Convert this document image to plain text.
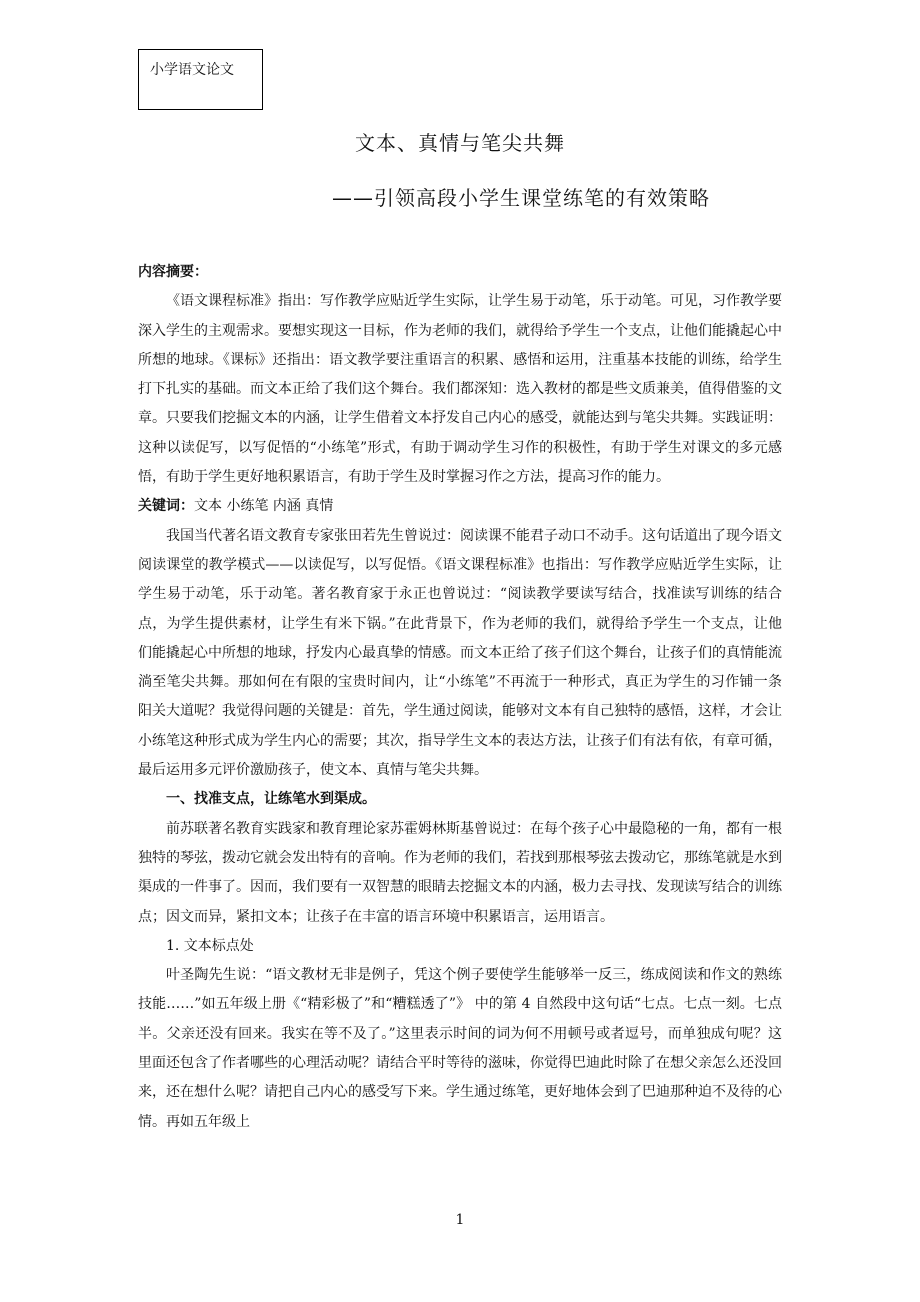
小学语文论文
文本、真情与笔尖共舞
——引领高段小学生课堂练笔的有效策略

内容摘要：

《语文课程标准》指出：写作教学应贴近学生实际，让学生易于动笔，乐于动笔。可见，习作教学要深入学生的主观需求。要想实现这一目标，作为老师的我们，就得给予学生一个支点，让他们能撬起心中所想的地球。《课标》还指出：语文教学要注重语言的积累、感悟和运用，注重基本技能的训练，给学生打下扎实的基础。而文本正给了我们这个舞台。我们都深知：选入教材的都是些文质兼美，值得借鉴的文章。只要我们挖掘文本的内涵，让学生借着文本抒发自己内心的感受，就能达到与笔尖共舞。实践证明：这种以读促写，以写促悟的“小练笔”形式，有助于调动学生习作的积极性，有助于学生对课文的多元感悟，有助于学生更好地积累语言，有助于学生及时掌握习作之方法，提高习作的能力。

关键词：文本 小练笔 内涵 真情

我国当代著名语文教育专家张田若先生曾说过：阅读课不能君子动口不动手。这句话道出了现今语文阅读课堂的教学模式——以读促写，以写促悟。《语文课程标准》也指出：写作教学应贴近学生实际，让学生易于动笔，乐于动笔。著名教育家于永正也曾说过：“阅读教学要读写结合，找准读写训练的结合点，为学生提供素材，让学生有米下锅。”在此背景下，作为老师的我们，就得给予学生一个支点，让他们能撬起心中所想的地球，抒发内心最真挚的情感。而文本正给了孩子们这个舞台，让孩子们的真情能流淌至笔尖共舞。那如何在有限的宝贵时间内，让“小练笔”不再流于一种形式，真正为学生的习作铺一条阳关大道呢？我觉得问题的关键是：首先，学生通过阅读，能够对文本有自己独特的感悟，这样，才会让小练笔这种形式成为学生内心的需要；其次，指导学生文本的表达方法，让孩子们有法有依，有章可循，最后运用多元评价激励孩子，使文本、真情与笔尖共舞。

一、找准支点，让练笔水到渠成。

前苏联著名教育实践家和教育理论家苏霍姆林斯基曾说过：在每个孩子心中最隐秘的一角，都有一根独特的琴弦，拨动它就会发出特有的音响。作为老师的我们，若找到那根琴弦去拨动它，那练笔就是水到渠成的一件事了。因而，我们要有一双智慧的眼睛去挖掘文本的内涵，极力去寻找、发现读写结合的训练点；因文而异，紧扣文本；让孩子在丰富的语言环境中积累语言，运用语言。

1. 文本标点处

叶圣陶先生说：“语文教材无非是例子，凭这个例子要使学生能够举一反三，练成阅读和作文的熟练技能……”如五年级上册《“精彩极了”和“糟糕透了”》 中的第 4 自然段中这句话“七点。七点一刻。七点半。父亲还没有回来。我实在等不及了。”这里表示时间的词为何不用顿号或者逗号，而单独成句呢？这里面还包含了作者哪些的心理活动呢？请结合平时等待的滋味，你觉得巴迪此时除了在想父亲怎么还没回来，还在想什么呢？请把自己内心的感受写下来。学生通过练笔，更好地体会到了巴迪那种迫不及待的心情。再如五年级上

1
